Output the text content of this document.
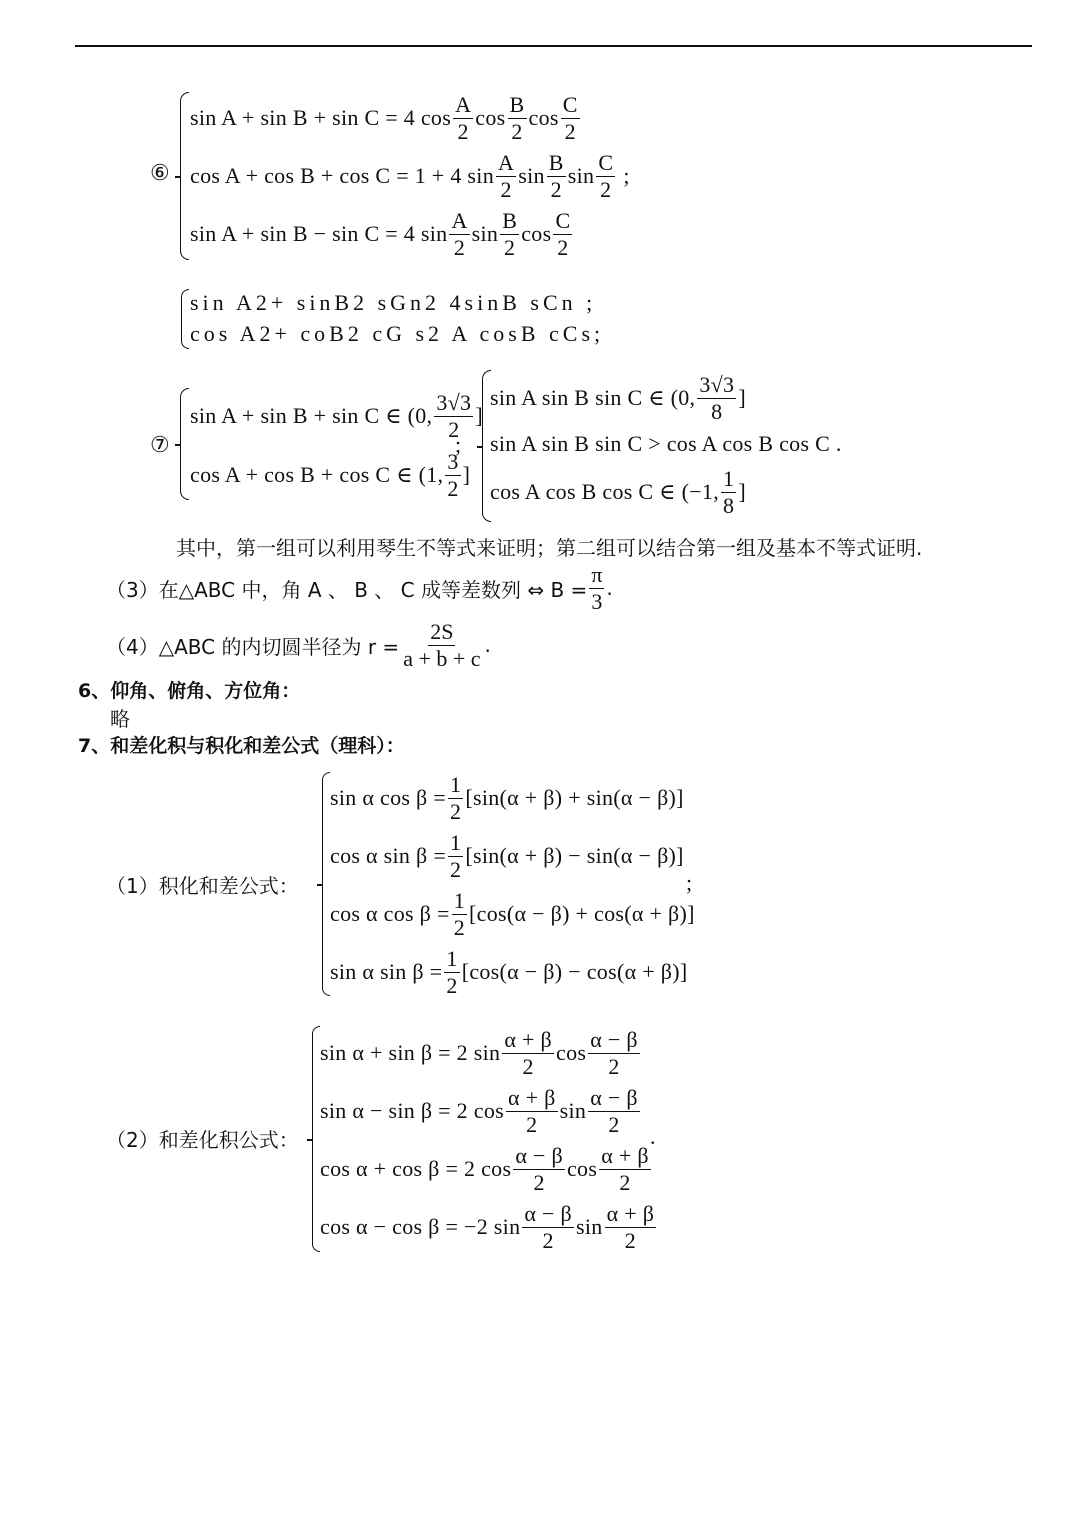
⑥
sin A + sin B + sin C = 4 $\cos \frac{A}{2}$ $\cos \frac{B}{2}$ $\cos \frac{C}{2}$
cos A + cos B + cos C = 1 + 4 $\sin \frac{A}{2}$ $\sin \frac{B}{2}$ $\sin \frac{C}{2}$ ;
sin A + sin B − sin C = 4 $\sin \frac{A}{2}$ $\sin \frac{B}{2}$ $\cos \frac{C}{2}$
sin A2+ sinB2 sGn2 4sinB sCn ;
cos A2+ coB2 cG s2 A cosB cCs;
⑦
sin A + sin B + sin C ∈ (0, $\frac{3√3}{2}$ ]
cos A + cos B + cos C ∈ (1, $\frac{3}{2}$ ]
;
sin A sin B sin C ∈ (0, $\frac{3√3}{8}$ ]
sin A sin B sin C > cos A cos B cos C .
cos A cos B cos C ∈ (−1, $\frac{1}{8}$ ]
其中，第一组可以利用琴生不等式来证明；第二组可以结合第一组及基本不等式证明.
（3）在△ABC 中，角 A 、 B 、 C 成等差数列 ⇔ $B = \frac{\pi}{3}$ .
（4）△ABC 的内切圆半径为 $r = \frac{2S}{a + b + c}$ .
6、仰角、俯角、方位角：
略
7、和差化积与积化和差公式（理科）：
（1）积化和差公式：	;
sin α $\cos \beta = \frac{1}{2} [\sin(\alpha + \beta) + \sin(\alpha - \beta)]$
cos α $\sin \beta = \frac{1}{2} [\sin(\alpha + \beta) - \sin(\alpha - \beta)]$
cos α $\cos \beta = \frac{1}{2} [\cos(\alpha - \beta) + \cos(\alpha + \beta)]$
sin α $\sin \beta = \frac{1}{2} [\cos(\alpha - \beta) - \cos(\alpha + \beta)]$
（2）和差化积公式：	.
sin α + sin β = 2 $\sin \frac{\alpha + \beta}{2}$ $\cos \frac{\alpha - \beta}{2}$
sin α − sin β = 2 $\cos \frac{\alpha + \beta}{2}$ $\sin \frac{\alpha - \beta}{2}$
cos α + cos β = 2 $\cos \frac{\alpha - \beta}{2}$ $\cos \frac{\alpha + \beta}{2}$
cos α − cos β = −2 $\sin \frac{\alpha - \beta}{2}$ $\sin \frac{\alpha + \beta}{2}$
